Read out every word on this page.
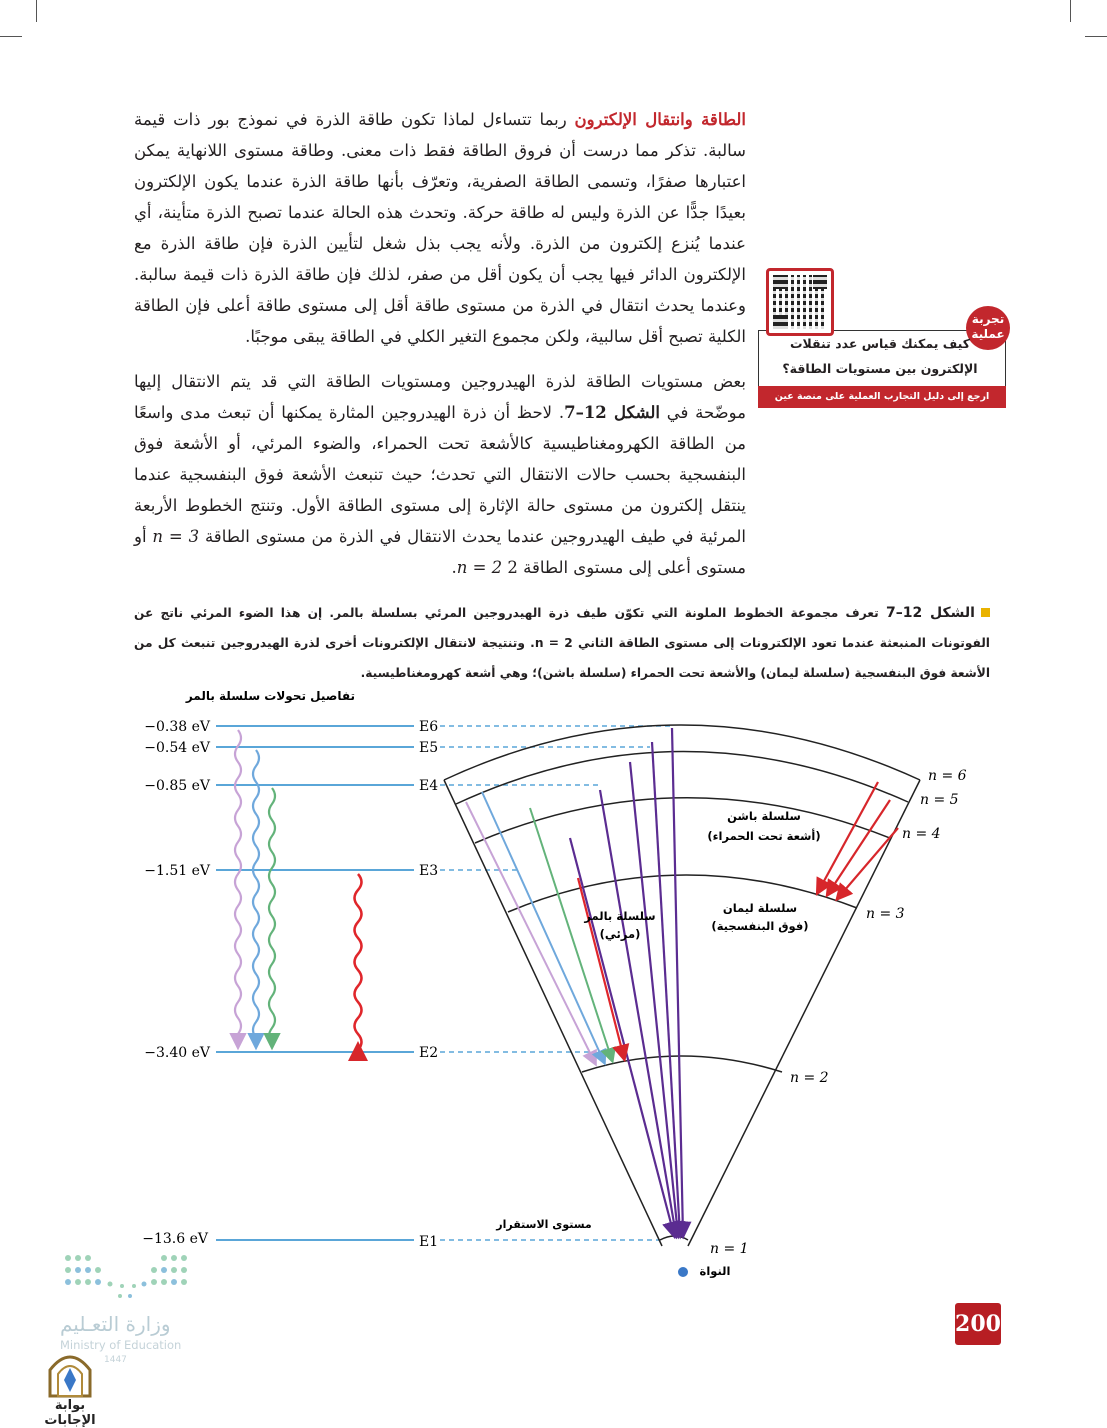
الطاقة وانتقال الإلكترون ربما تتساءل لماذا تكون طاقة الذرة في نموذج بور ذات قيمة سالبة. تذكر مما درست أن فروق الطاقة فقط ذات معنى. وطاقة مستوى اللانهاية يمكن اعتبارها صفرًا، وتسمى الطاقة الصفرية، وتعرّف بأنها طاقة الذرة عندما يكون الإلكترون بعيدًا جدًّا عن الذرة وليس له طاقة حركة. وتحدث هذه الحالة عندما تصبح الذرة متأينة، أي عندما يُنزع إلكترون من الذرة. ولأنه يجب بذل شغل لتأيين الذرة فإن طاقة الذرة مع الإلكترون الدائر فيها يجب أن يكون أقل من صفر، لذلك فإن طاقة الذرة ذات قيمة سالبة. وعندما يحدث انتقال في الذرة من مستوى طاقة أقل إلى مستوى طاقة أعلى فإن الطاقة الكلية تصبح أقل سالبية، ولكن مجموع التغير الكلي في الطاقة يبقى موجبًا.

بعض مستويات الطاقة لذرة الهيدروجين ومستويات الطاقة التي قد يتم الانتقال إليها موضّحة في الشكل 12–7. لاحظ أن ذرة الهيدروجين المثارة يمكنها أن تبعث مدى واسعًا من الطاقة الكهرومغناطيسية كالأشعة تحت الحمراء، والضوء المرئي، أو الأشعة فوق البنفسجية بحسب حالات الانتقال التي تحدث؛ حيث تنبعث الأشعة فوق البنفسجية عندما ينتقل إلكترون من مستوى حالة الإثارة إلى مستوى الطاقة الأول. وتنتج الخطوط الأربعة المرئية في طيف الهيدروجين عندما يحدث الانتقال في الذرة من مستوى الطاقة n = 3 أو مستوى أعلى إلى مستوى الطاقة 2 n = 2.

تجربة
عملية
كيف يمكنك قياس عدد تنقلات
الإلكترون بين مستويات الطاقة؟
ارجع إلى دليل التجارب العملية على منصة عين الإثرائية

الشكل 12–7 تعرف مجموعة الخطوط الملونة التي تكوّن طيف ذرة الهيدروجين المرئي بسلسلة بالمر. إن هذا الضوء المرئي ناتج عن الفوتونات المنبعثة عندما تعود الإلكترونات إلى مستوى الطاقة الثاني 2 = n. وتنتيجة لانتقال الإلكترونات أخرى لذرة الهيدروجين تنبعث كل من الأشعة فوق البنفسجية (سلسلة ليمان) والأشعة تحت الحمراء (سلسلة باشن)؛ وهي أشعة كهرومغناطيسية.

تفاصيل تحولات سلسلة بالمر
−0.38 eV
−0.54 eV
−0.85 eV
−1.51 eV
−3.40 eV
−13.6 eV
E6
E5
E4
E3
E2
E1
n = 6
n = 5
n = 4
n = 3
n = 2
n = 1
سلسلة باشن
(أشعة تحت الحمراء)
سلسلة ليمان
(فوق البنفسجية)
سلسلة بالمر
(مرئي)
النواة
مستوى الاستقرار
وزارة التعـليم
Ministry of Education
1447
200
بوابة الإجابات
